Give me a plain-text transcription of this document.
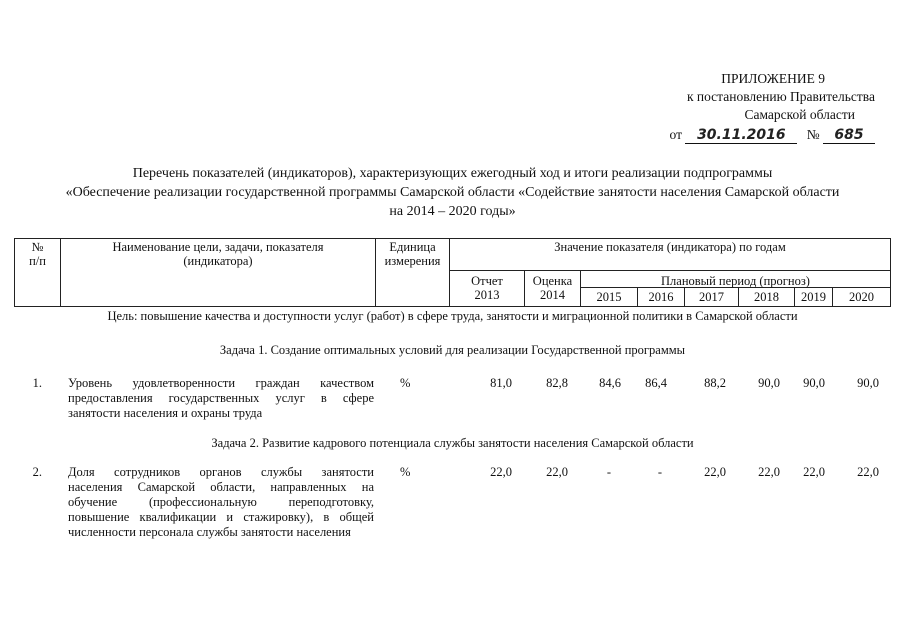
ПРИЛОЖЕНИЕ 9
к постановлению Правительства
Самарской области
от 30.11.2016 № 685
Перечень показателей (индикаторов), характеризующих ежегодный ход и итоги реализации подпрограммы
«Обеспечение реализации государственной программы Самарской области «Содействие занятости населения Самарской области
на 2014 – 2020 годы»
№
п/п
Наименование цели, задачи, показателя
(индикатора)
Единица
измерения
Значение показателя (индикатора) по годам
Отчет
2013
Оценка
2014
Плановый период (прогноз)
2015	2016	2017	2018	2019	2020
Цель: повышение качества и доступности услуг (работ) в сфере труда, занятости и миграционной политики в Самарской области
Задача 1. Создание оптимальных условий для реализации Государственной программы
1. Уровень удовлетворенности граждан качеством
предоставления государственных услуг в сфере
занятости населения и охраны труда
%	81,0	82,8	84,6	86,4	88,2	90,0	90,0	90,0
Задача 2. Развитие кадрового потенциала службы занятости населения Самарской области
2. Доля сотрудников органов службы занятости
населения Самарской области, направленных на
обучение (профессиональную переподготовку,
повышение квалификации и стажировку), в общей
численности персонала службы занятости населения
%	22,0	22,0	-	-	22,0	22,0	22,0	22,0
